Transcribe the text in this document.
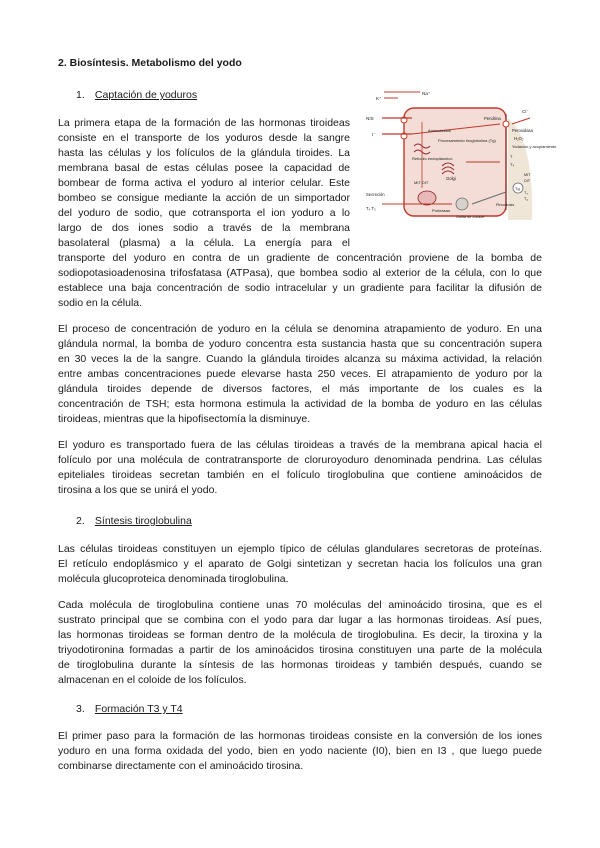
2. Biosíntesis. Metabolismo del yodo

1. Captación de yoduros

La primera etapa de la formación de las hormonas tiroideas
consiste en el transporte de los yoduros desde la sangre
hasta las células y los folículos de la glándula tiroides. La
membrana basal de estas células posee la capacidad de
bombear de forma activa el yoduro al interior celular. Este
bombeo se consigue mediante la acción de un simportador
del yoduro de sodio, que cotransporta el ion yoduro a lo
largo de dos iones sodio a través de la membrana
basolateral (plasma) a la célula. La energía para el
transporte del yoduro en contra de un gradiente de concentración proviene de la bomba de
sodiopotasioadenosina trifosfatasa (ATPasa), que bombea sodio al exterior de la célula, con lo que
establece una baja concentración de sodio intracelular y un gradiente para facilitar la difusión de
sodio en la célula.
El proceso de concentración de yoduro en la célula se denomina atrapamiento de yoduro. En una
glándula normal, la bomba de yoduro concentra esta sustancia hasta que su concentración supera
en 30 veces la de la sangre. Cuando la glándula tiroides alcanza su máxima actividad, la relación
entre ambas concentraciones puede elevarse hasta 250 veces. El atrapamiento de yoduro por la
glándula tiroides depende de diversos factores, el más importante de los cuales es la
concentración de TSH; esta hormona estimula la actividad de la bomba de yoduro en las células
tiroideas, mientras que la hipofisectomía la disminuye.
El yoduro es transportado fuera de las células tiroideas a través de la membrana apical hacia el
folículo por una molécula de contratransporte de cloruroyoduro denominada pendrina. Las células
epiteliales tiroideas secretan también en el folículo tiroglobulina que contiene aminoácidos de
tirosina a los que se unirá el yodo.

2. Síntesis tiroglobulina

Las células tiroideas constituyen un ejemplo típico de células glandulares secretoras de proteínas.
El retículo endoplásmico y el aparato de Golgi sintetizan y secretan hacia los folículos una gran
molécula glucoproteica denominada tiroglobulina.
Cada molécula de tiroglobulina contiene unas 70 moléculas del aminoácido tirosina, que es el
sustrato principal que se combina con el yodo para dar lugar a las hormonas tiroideas. Así pues,
las hormonas tiroideas se forman dentro de la molécula de tiroglobulina. Es decir, la tiroxina y la
triyodotironina formadas a partir de los aminoácidos tirosina constituyen una parte de la molécula
de tiroglobulina durante la síntesis de las hormonas tiroideas y también después, cuando se
almacenan en el coloide de los folículos.

3. Formación T3 y T4

El primer paso para la formación de las hormonas tiroideas consiste en la conversión de los iones
yoduro en una forma oxidada del yodo, bien en yodo naciente (I0), bien en I3 , que luego puede
combinarse directamente con el aminoácido tirosina.
Na⁺
K⁺
NIS
I⁻
Cl⁻
Pendrina
Peroxidasa
H₂O₂
Yodación y acoplamiento
Procesamiento tiroglobulina (Tg)
Golgi
Retículo endoplásmico
Aminoácidos
MIT DIT
Secreción
T₄ T₃	Proteasas
Gotita de coloide
Tg
MIT
DIT
T₃
T₄
Pinocitosis
T
T₄
